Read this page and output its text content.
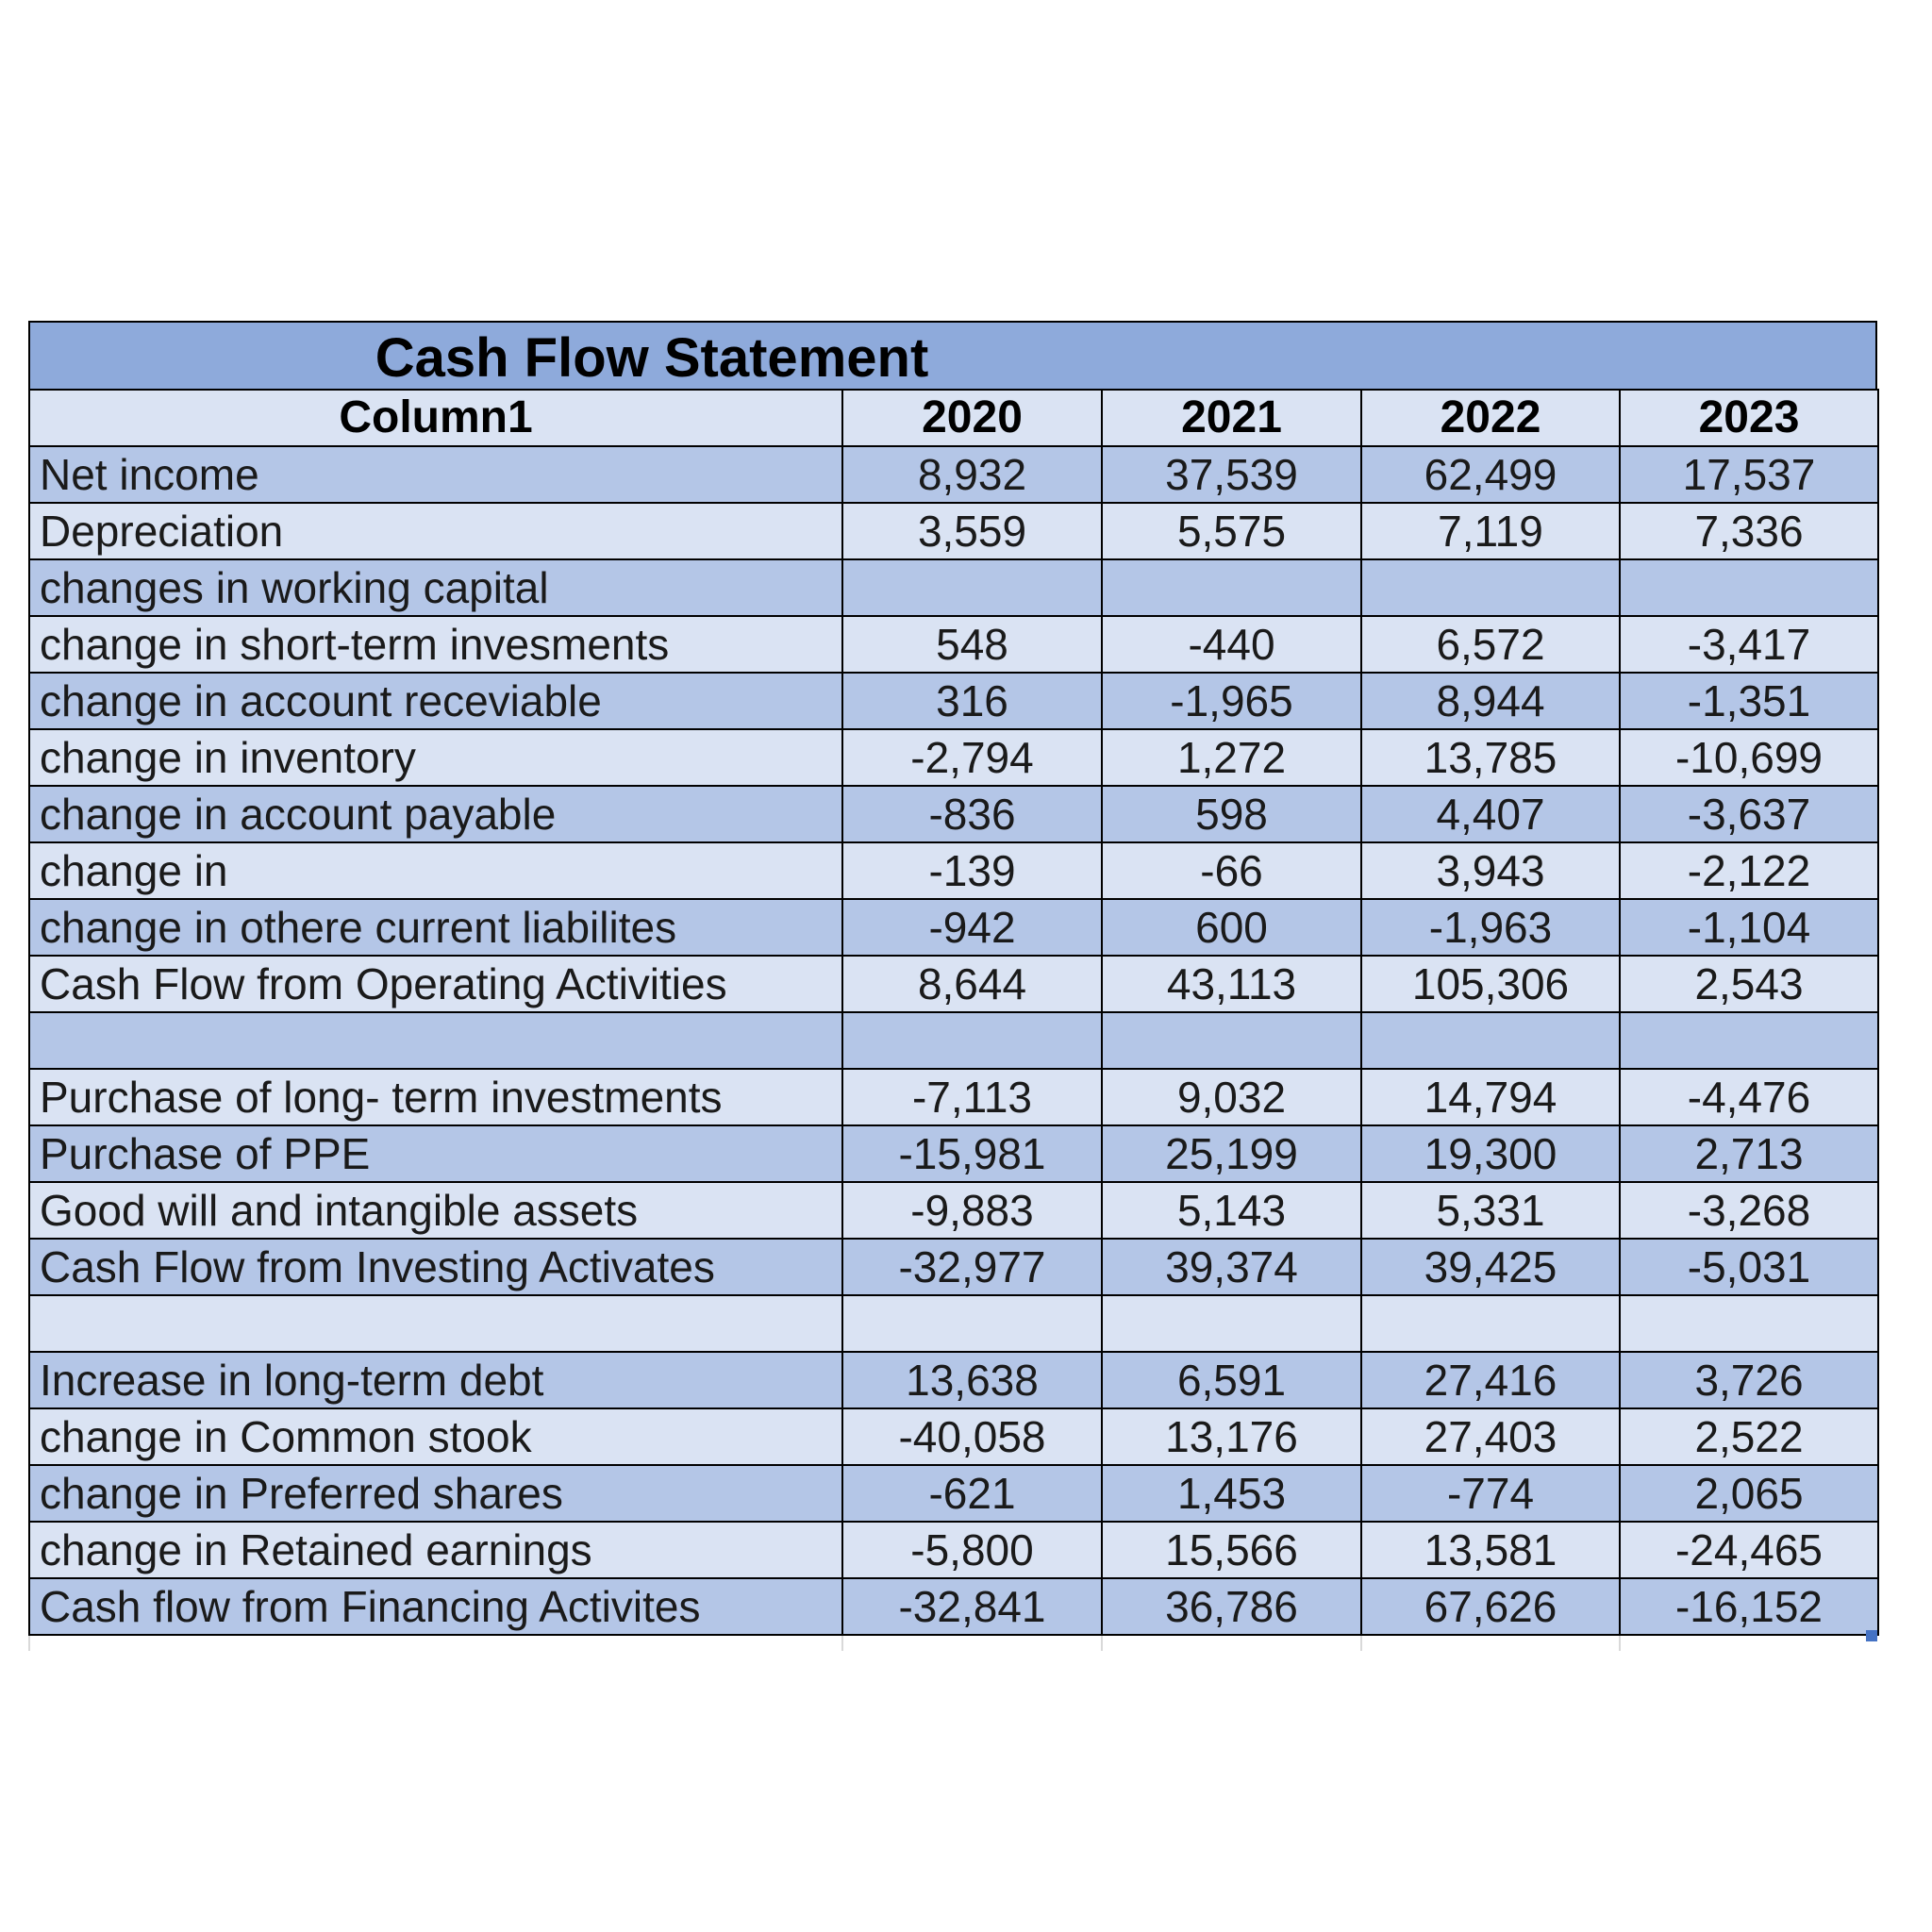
Cash Flow Statement
Column1	2020	2021	2022	2023
Net income	8,932	37,539	62,499	17,537
Depreciation	3,559	5,575	7,119	7,336
changes in working capital				
change in short-term invesments	548	-440	6,572	-3,417
change in account receviable	316	-1,965	8,944	-1,351
change in inventory	-2,794	1,272	13,785	-10,699
change in account payable	-836	598	4,407	-3,637
change in	-139	-66	3,943	-2,122
change in othere current liabilites	-942	600	-1,963	-1,104
Cash Flow from Operating Activities	8,644	43,113	105,306	2,543

Purchase of long- term investments	-7,113	9,032	14,794	-4,476
Purchase of PPE	-15,981	25,199	19,300	2,713
Good will and intangible assets	-9,883	5,143	5,331	-3,268
Cash Flow from Investing Activates	-32,977	39,374	39,425	-5,031

Increase in long-term debt	13,638	6,591	27,416	3,726
change in Common stook	-40,058	13,176	27,403	2,522
change in Preferred shares	-621	1,453	-774	2,065
change in Retained earnings	-5,800	15,566	13,581	-24,465
Cash flow from Financing Activites	-32,841	36,786	67,626	-16,152
